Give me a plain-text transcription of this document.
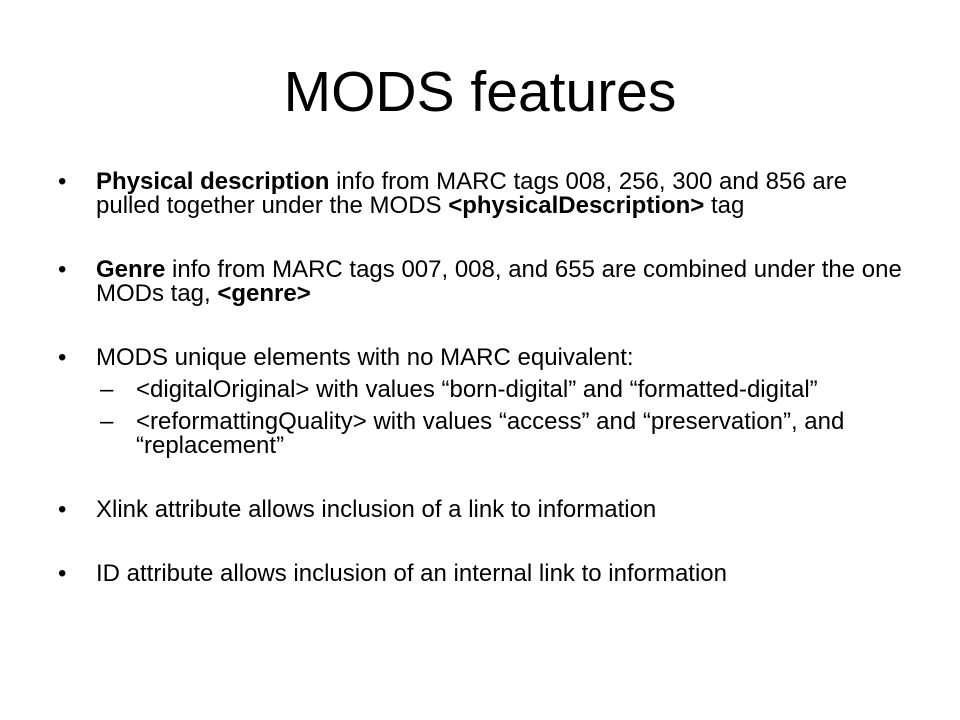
MODS features

• Physical description info from MARC tags 008, 256, 300 and 856 are pulled together under the MODS <physicalDescription> tag

• Genre info from MARC tags 007, 008, and 655 are combined under the one MODs tag, <genre>

• MODS unique elements with no MARC equivalent:

– <digitalOriginal> with values “born-digital” and “formatted-digital”

– <reformattingQuality> with values “access” and “preservation”, and “replacement”

• Xlink attribute allows inclusion of a link to information

• ID attribute allows inclusion of an internal link to information
